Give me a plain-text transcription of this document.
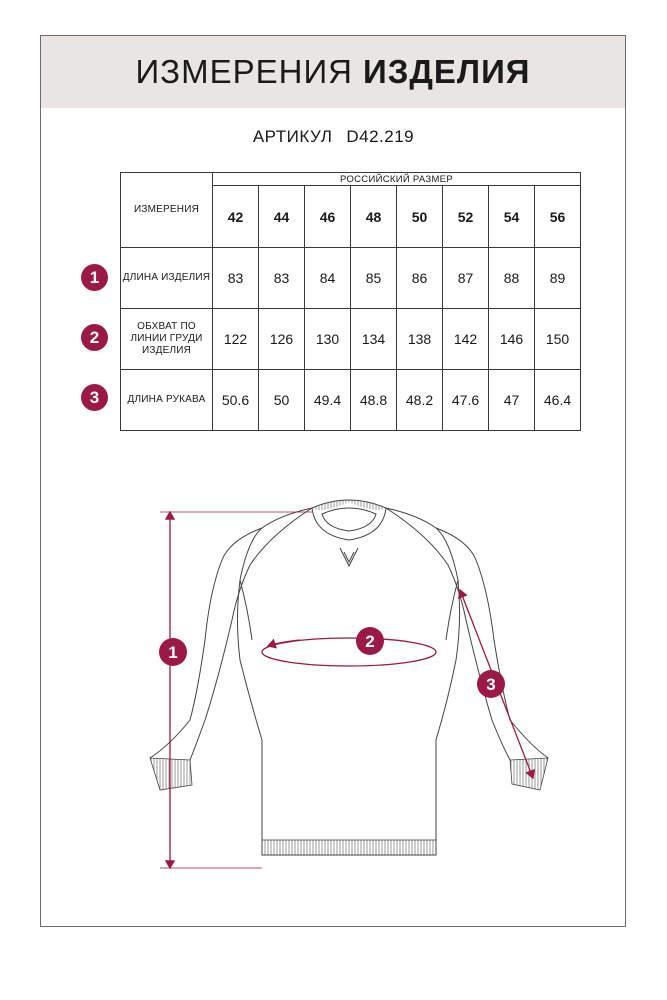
ИЗМЕРЕНИЯ ИЗДЕЛИЯ
АРТИКУЛ D42.219
ИЗМЕРЕНИЯ	РОССИЙСКИЙ РАЗМЕР							
	42	44	46	48	50	52	54	56
ДЛИНА ИЗДЕЛИЯ	83	83	84	85	86	87	88	89
ОБХВАТ ПО ЛИНИИ ГРУДИ ИЗДЕЛИЯ	122	126	130	134	138	142	146	150
ДЛИНА РУКАВА	50.6	50	49.4	48.8	48.2	47.6	47	46.4
1
2
3
1
2
3
